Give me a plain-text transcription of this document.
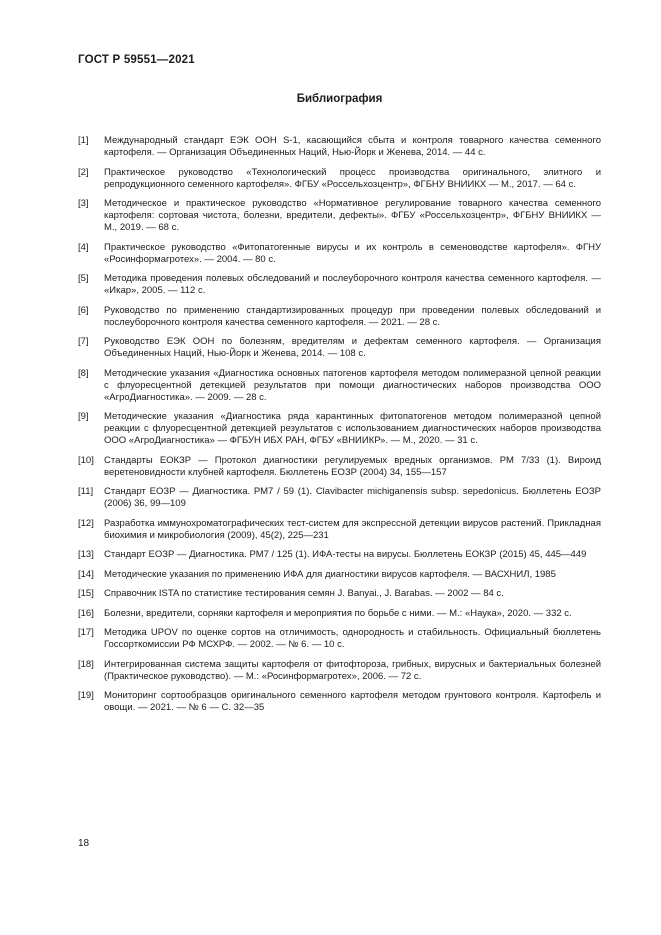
ГОСТ Р 59551—2021
Библиография
[1]	Международный стандарт ЕЭК ООН S-1, касающийся сбыта и контроля товарного качества семенного картофеля. — Организация Объединенных Наций, Нью-Йорк и Женева, 2014. — 44 с.
[2]	Практическое руководство «Технологический процесс производства оригинального, элитного и репродукционного семенного картофеля». ФГБУ «Россельхозцентр», ФГБНУ ВНИИКХ — М., 2017. — 64 с.
[3]	Методическое и практическое руководство «Нормативное регулирование товарного качества семенного картофеля: сортовая чистота, болезни, вредители, дефекты». ФГБУ «Россельхозцентр», ФГБНУ ВНИИКХ — М., 2019. — 68 с.
[4]	Практическое руководство «Фитопатогенные вирусы и их контроль в семеноводстве картофеля». ФГНУ «Росинформагротех». — 2004. — 80 с.
[5]	Методика проведения полевых обследований и послеуборочного контроля качества семенного картофеля. — «Икар», 2005. — 112 с.
[6]	Руководство по применению стандартизированных процедур при проведении полевых обследований и послеуборочного контроля качества семенного картофеля. — 2021. — 28 с.
[7]	Руководство ЕЭК ООН по болезням, вредителям и дефектам семенного картофеля. — Организация Объединенных Наций, Нью-Йорк и Женева, 2014. — 108 с.
[8]	Методические указания «Диагностика основных патогенов картофеля методом полимеразной цепной реакции с флуоресцентной детекцией результатов при помощи диагностических наборов производства ООО «АгроДиагностика». — 2009. — 28 с.
[9]	Методические указания «Диагностика ряда карантинных фитопатогенов методом полимеразной цепной реакции с флуоресцентной детекцией результатов с использованием диагностических наборов производства ООО «АгроДиагностика» — ФГБУН ИБХ РАН, ФГБУ «ВНИИКР». — М., 2020. — 31 с.
[10]	Стандарты ЕОКЗР — Протокол диагностики регулируемых вредных организмов. РМ 7/33 (1). Вироид веретеновидности клубней картофеля. Бюллетень ЕОЗР (2004) 34, 155—157
[11]	Стандарт ЕОЗР — Диагностика. РМ7 / 59 (1). Clavibacter michiganensis subsp. sepedonicus. Бюллетень ЕОЗР (2006) 36, 99—109
[12]	Разработка иммунохроматографических тест-систем для экспрессной детекции вирусов растений. Прикладная биохимия и микробиология (2009), 45(2), 225—231
[13]	Стандарт ЕОЗР — Диагностика. РМ7 / 125 (1). ИФА-тесты на вирусы. Бюллетень ЕОКЗР (2015) 45, 445—449
[14]	Методические указания по применению ИФА для диагностики вирусов картофеля. — ВАСХНИЛ, 1985
[15]	Справочник ISTA по статистике тестирования семян J. Banyai., J. Barabas. — 2002 — 84 с.
[16]	Болезни, вредители, сорняки картофеля и мероприятия по борьбе с ними. — М.: «Наука», 2020. — 332 с.
[17]	Методика UPOV по оценке сортов на отличимость, однородность и стабильность. Официальный бюллетень Госсорткомиссии РФ МСХРФ. — 2002. — № 6. — 10 с.
[18]	Интегрированная система защиты картофеля от фитофтороза, грибных, вирусных и бактериальных болезней (Практическое руководство). — М.: «Росинформагротех», 2006. — 72 с.
[19]	Мониторинг сортообразцов оригинального семенного картофеля методом грунтового контроля. Картофель и овощи. — 2021. — № 6 — С. 32—35
18
